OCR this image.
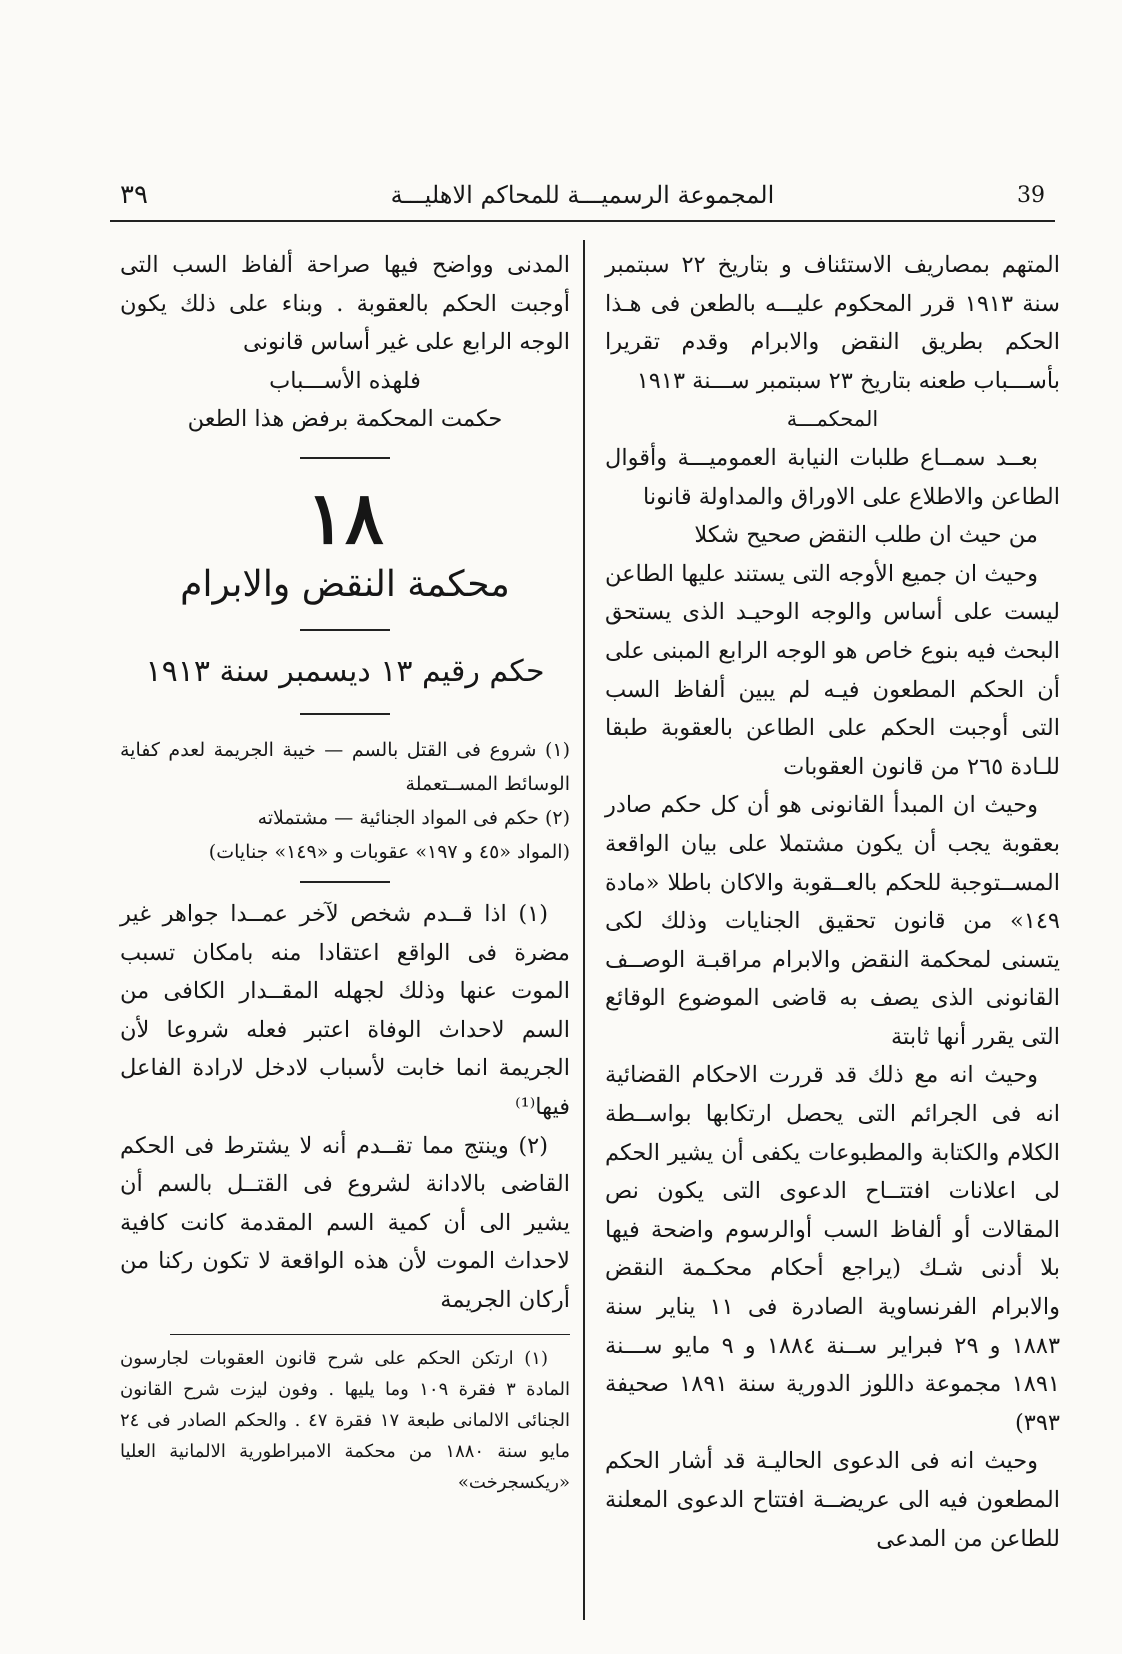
٣٩	المجموعة الرسميـــة للمحاكم الاهليـــة	39

المتهم بمصاريف الاستئناف و بتاريخ ٢٢ سبتمبر سنة ١٩١٣ قرر المحكوم عليـــه بالطعن فى هـذا الحكم بطريق النقض والابرام وقدم تقريرا بأســـباب طعنه بتاريخ ٢٣ سبتمبر ســـنة ١٩١٣

المحكمـــة

بعــد سمــاع طلبات النيابة العموميـــة وأقوال الطاعن والاطلاع على الاوراق والمداولة قانونا

من حيث ان طلب النقض صحيح شكلا

وحيث ان جميع الأوجه التى يستند عليها الطاعن ليست على أساس والوجه الوحيـد الذى يستحق البحث فيه بنوع خاص هو الوجه الرابع المبنى على أن الحكم المطعون فيـه لم يبين ألفاظ السب التى أوجبت الحكم على الطاعن بالعقوبة طبقا للـادة ٢٦٥ من قانون العقوبات

وحيث ان المبدأ القانونى هو أن كل حكم صادر بعقوبة يجب أن يكون مشتملا على بيان الواقعة المســتوجبة للحكم بالعــقوبة والاكان باطلا «مادة ١٤٩» من قانون تحقيق الجنايات وذلك لكى يتسنى لمحكمة النقض والابرام مراقبـة الوصــف القانونى الذى يصف به قاضى الموضوع الوقائع التى يقرر أنها ثابتة

وحيث انه مع ذلك قد قررت الاحكام القضائية انه فى الجرائم التى يحصل ارتكابها بواســطة الكلام والكتابة والمطبوعات يكفى أن يشير الحكم لى اعلانات افتتــاح الدعوى التى يكون نص المقالات أو ألفاظ السب أوالرسوم واضحة فيها بلا أدنى شـك (يراجع أحكام محكـمة النقض والابرام الفرنساوية الصادرة فى ١١ يناير سنة ١٨٨٣ و ٢٩ فبراير ســنة ١٨٨٤ و ٩ مايو ســـنة ١٨٩١ مجموعة داللوز الدورية سنة ١٨٩١ صحيفة ٣٩٣)

وحيث انه فى الدعوى الحاليـة قد أشار الحكم المطعون فيه الى عريضــة افتتاح الدعوى المعلنة للطاعن من المدعى

المدنى وواضح فيها صراحة ألفاظ السب التى أوجبت الحكم بالعقوبة . وبناء على ذلك يكون الوجه الرابع على غير أساس قانونى

فلهذه الأســـباب

حكمت المحكمة برفض هذا الطعن

١٨

محكمة النقض والابرام

حكم رقيم ١٣ ديسمبر سنة ١٩١٣

(١) شروع فى القتل بالسم — خيبة الجريمة لعدم كفاية الوسائط المســتعملة

(٢) حكم فى المواد الجنائية — مشتملاته

(المواد «٤٥ و ١٩٧» عقوبات و «١٤٩» جنايات)

(١) اذا قــدم شخص لآخر عمــدا جواهر غير مضرة فى الواقع اعتقادا منه بامكان تسبب الموت عنها وذلك لجهله المقــدار الكافى من السم لاحداث الوفاة اعتبر فعله شروعا لأن الجريمة انما خابت لأسباب لادخل لارادة الفاعل فيها⁽¹⁾

(٢) وينتج مما تقــدم أنه لا يشترط فى الحكم القاضى بالادانة لشروع فى القتــل بالسم أن يشير الى أن كمية السم المقدمة كانت كافية لاحداث الموت لأن هذه الواقعة لا تكون ركنا من أركان الجريمة

(١) ارتكن الحكم على شرح قانون العقوبات لجارسون المادة ٣ فقرة ١٠٩ وما يليها . وفون ليزت شرح القانون الجنائى الالمانى طبعة ١٧ فقرة ٤٧ . والحكم الصادر فى ٢٤ مايو سنة ١٨٨٠ من محكمة الامبراطورية الالمانية العليا «ريكسجرخت»
